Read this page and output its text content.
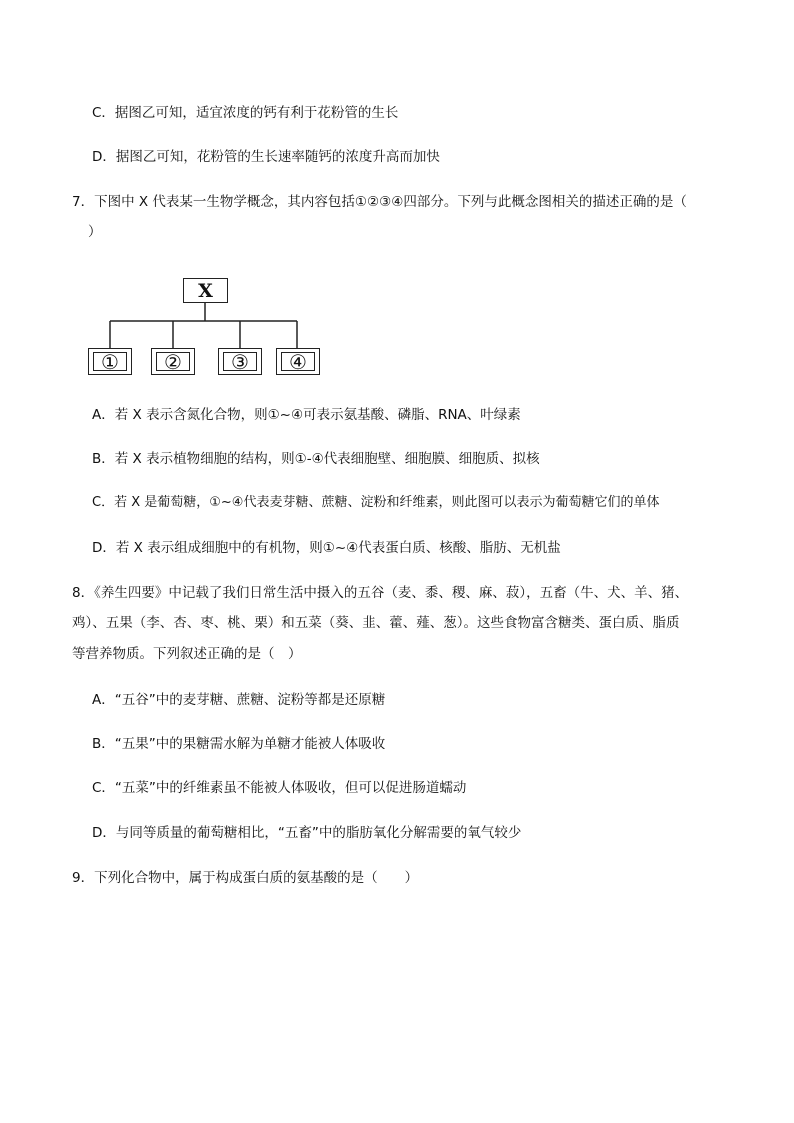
C．据图乙可知，适宜浓度的钙有利于花粉管的生长
D．据图乙可知，花粉管的生长速率随钙的浓度升高而加快
7．下图中 X 代表某一生物学概念，其内容包括①②③④四部分。下列与此概念图相关的描述正确的是（
）
X
① ② ③ ④
A．若 X 表示含氮化合物，则①~④可表示氨基酸、磷脂、RNA、叶绿素
B．若 X 表示植物细胞的结构，则①-④代表细胞壁、细胞膜、细胞质、拟核
C．若 X 是葡萄糖，①~④代表麦芽糖、蔗糖、淀粉和纤维素，则此图可以表示为葡萄糖它们的单体
D．若 X 表示组成细胞中的有机物，则①~④代表蛋白质、核酸、脂肪、无机盐
8．《养生四要》中记载了我们日常生活中摄入的五谷（麦、黍、稷、麻、菽），五畜（牛、犬、羊、猪、
鸡）、五果（李、杏、枣、桃、栗）和五菜（葵、韭、藿、薤、葱）。这些食物富含糖类、蛋白质、脂质
等营养物质。下列叙述正确的是（　）
A．“五谷”中的麦芽糖、蔗糖、淀粉等都是还原糖
B．“五果”中的果糖需水解为单糖才能被人体吸收
C．“五菜”中的纤维素虽不能被人体吸收，但可以促进肠道蠕动
D．与同等质量的葡萄糖相比，“五畜”中的脂肪氧化分解需要的氧气较少
9．下列化合物中，属于构成蛋白质的氨基酸的是（　　）
